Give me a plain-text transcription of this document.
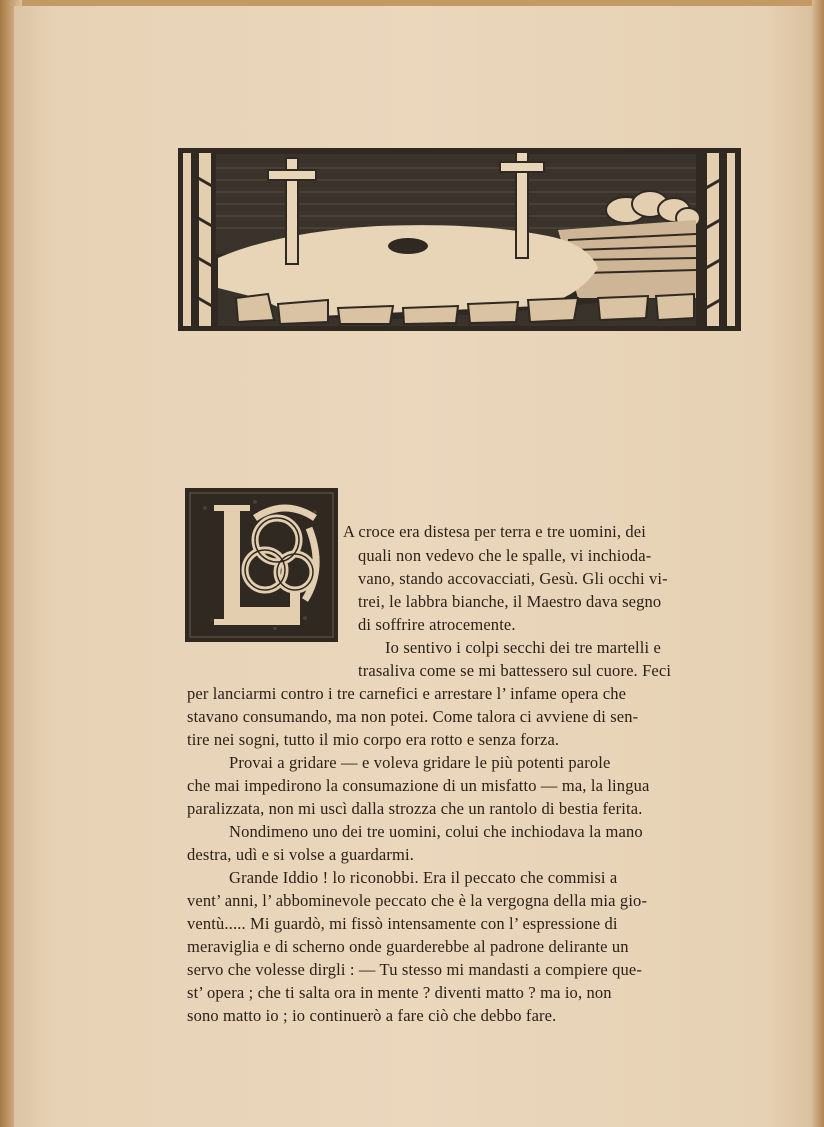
A croce era distesa per terra e tre uomini, dei
quali non vedevo che le spalle, vi inchioda-
vano, stando accovacciati, Gesù. Gli occhi vi-
trei, le labbra bianche, il Maestro dava segno
di soffrire atrocemente.
Io sentivo i colpi secchi dei tre martelli e
trasaliva come se mi battessero sul cuore. Feci
per lanciarmi contro i tre carnefici e arrestare l’ infame opera che
stavano consumando, ma non potei. Come talora ci avviene di sen-
tire nei sogni, tutto il mio corpo era rotto e senza forza.
Provai a gridare — e voleva gridare le più potenti parole
che mai impedirono la consumazione di un misfatto — ma, la lingua
paralizzata, non mi uscì dalla strozza che un rantolo di bestia ferita.
Nondimeno uno dei tre uomini, colui che inchiodava la mano
destra, udì e si volse a guardarmi.
Grande Iddio ! lo riconobbi. Era il peccato che commisi a
vent’ anni, l’ abbominevole peccato che è la vergogna della mia gio-
ventù..... Mi guardò, mi fissò intensamente con l’ espressione di
meraviglia e di scherno onde guarderebbe al padrone delirante un
servo che volesse dirgli : — Tu stesso mi mandasti a compiere que-
st’ opera ; che ti salta ora in mente ? diventi matto ? ma io, non
sono matto io ; io continuerò a fare ciò che debbo fare.
